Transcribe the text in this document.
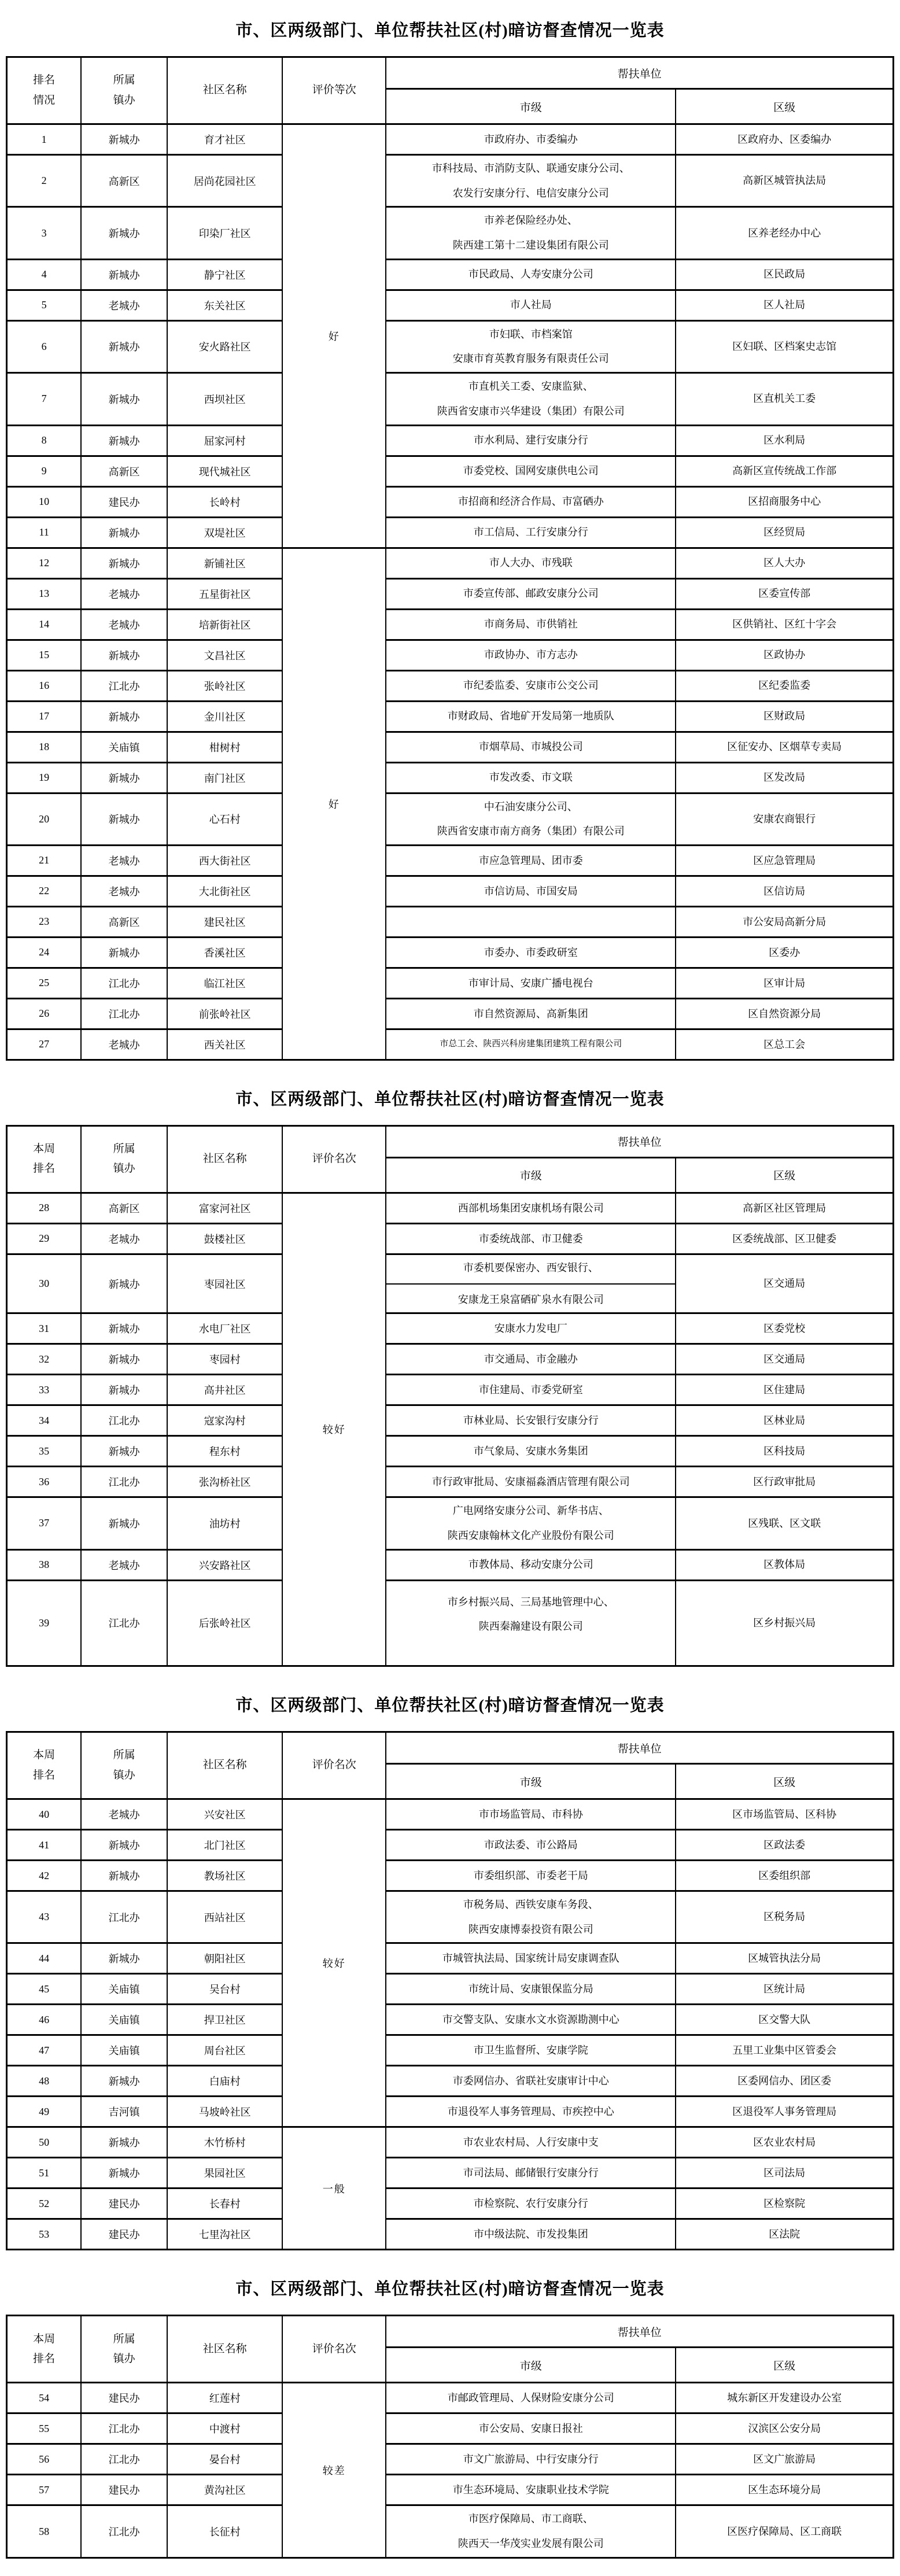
市、区两级部门、单位帮扶社区(村)暗访督查情况一览表
排名
情况

所属
镇办

社区名称	评价等次
	帮扶单位
				市级	区级
1	新城办	育才社区	好	市政府办、市委编办	区政府办、区委编办

2	高新区	居尚花园社区		市科技局、市消防支队、联通安康分公司、
农发行安康分行、电信安康分公司	高新区城管执法局

3	新城办	印染厂社区		市养老保险经办处、
陕西建工第十二建设集团有限公司	区养老经办中心

4	新城办	静宁社区		市民政局、人寿安康分公司	区民政局

5	老城办	东关社区		市人社局	区人社局

6	新城办	安火路社区		市妇联、市档案馆
安康市育英教育服务有限责任公司	区妇联、区档案史志馆

7	新城办	西坝社区		市直机关工委、安康监狱、
陕西省安康市兴华建设（集团）有限公司	区直机关工委

8	新城办	屈家河村		市水利局、建行安康分行	区水利局

9	高新区	现代城社区		市委党校、国网安康供电公司	高新区宣传统战工作部

10	建民办	长岭村		市招商和经济合作局、市富硒办	区招商服务中心

11	新城办	双堤社区		市工信局、工行安康分行	区经贸局

12	新城办	新铺社区	好	市人大办、市残联	区人大办

13	老城办	五星街社区		市委宣传部、邮政安康分公司	区委宣传部

14	老城办	培新街社区		市商务局、市供销社	区供销社、区红十字会

15	新城办	文昌社区		市政协办、市方志办	区政协办

16	江北办	张岭社区		市纪委监委、安康市公交公司	区纪委监委

17	新城办	金川社区		市财政局、省地矿开发局第一地质队	区财政局

18	关庙镇	柑树村		市烟草局、市城投公司	区征安办、区烟草专卖局

19	新城办	南门社区		市发改委、市文联	区发改局

20	新城办	心石村		中石油安康分公司、
陕西省安康市南方商务（集团）有限公司	安康农商银行

21	老城办	西大街社区		市应急管理局、团市委	区应急管理局

22	老城办	大北街社区		市信访局、市国安局	区信访局

23	高新区	建民社区			市公安局高新分局

24	新城办	香溪社区		市委办、市委政研室	区委办

25	江北办	临江社区		市审计局、安康广播电视台	区审计局

26	江北办	前张岭社区		市自然资源局、高新集团	区自然资源分局

27	老城办	西关社区		市总工会、陕西兴科房建集团建筑工程有限公司	区总工会
市、区两级部门、单位帮扶社区(村)暗访督查情况一览表
本周
排名

所属
镇办

社区名称	评价名次
	帮扶单位
				市级	区级
28	高新区	富家河社区	较好	西部机场集团安康机场有限公司	高新区社区管理局

29	老城办	鼓楼社区		市委统战部、市卫健委	区委统战部、区卫健委

30	新城办	枣园社区		市委机要保密办、西安银行、
安康龙王泉富硒矿泉水有限公司	区交通局

31	新城办	水电厂社区		安康水力发电厂	区委党校

32	新城办	枣园村		市交通局、市金融办	区交通局

33	新城办	高井社区		市住建局、市委党研室	区住建局

34	江北办	寇家沟村		市林业局、长安银行安康分行	区林业局

35	新城办	程东村		市气象局、安康水务集团	区科技局

36	江北办	张沟桥社区		市行政审批局、安康福淼酒店管理有限公司	区行政审批局

37	新城办	油坊村		广电网络安康分公司、新华书店、
陕西安康翰林文化产业股份有限公司	区残联、区文联

38	老城办	兴安路社区		市教体局、移动安康分公司	区教体局

39	江北办	后张岭社区		市乡村振兴局、三局基地管理中心、
陕西秦瀚建设有限公司	区乡村振兴局
市、区两级部门、单位帮扶社区(村)暗访督查情况一览表
本周
排名

所属
镇办

社区名称	评价名次
	帮扶单位
				市级	区级
40	老城办	兴安社区	较好	市市场监管局、市科协	区市场监管局、区科协

41	新城办	北门社区		市政法委、市公路局	区政法委

42	新城办	教场社区		市委组织部、市委老干局	区委组织部

43	江北办	西站社区		市税务局、西铁安康车务段、
陕西安康博泰投资有限公司	区税务局

44	新城办	朝阳社区		市城管执法局、国家统计局安康调查队	区城管执法分局

45	关庙镇	吴台村		市统计局、安康银保监分局	区统计局

46	关庙镇	捍卫社区		市交警支队、安康水文水资源勘测中心	区交警大队

47	关庙镇	周台社区		市卫生监督所、安康学院	五里工业集中区管委会

48	新城办	白庙村		市委网信办、省联社安康审计中心	区委网信办、团区委

49	吉河镇	马坡岭社区		市退役军人事务管理局、市疾控中心	区退役军人事务管理局

50	新城办	木竹桥村	一般	市农业农村局、人行安康中支	区农业农村局

51	新城办	果园社区		市司法局、邮储银行安康分行	区司法局

52	建民办	长春村		市检察院、农行安康分行	区检察院

53	建民办	七里沟社区		市中级法院、市发投集团	区法院
市、区两级部门、单位帮扶社区(村)暗访督查情况一览表
本周
排名

所属
镇办

社区名称	评价名次
	帮扶单位
				市级	区级
54	建民办	红莲村	较差	市邮政管理局、人保财险安康分公司	城东新区开发建设办公室

55	江北办	中渡村		市公安局、安康日报社	汉滨区公安分局

56	江北办	晏台村		市文广旅游局、中行安康分行	区文广旅游局

57	建民办	黄沟社区		市生态环境局、安康职业技术学院	区生态环境分局

58	江北办	长征村		市医疗保障局、市工商联、
陕西天一华茂实业发展有限公司	区医疗保障局、区工商联
